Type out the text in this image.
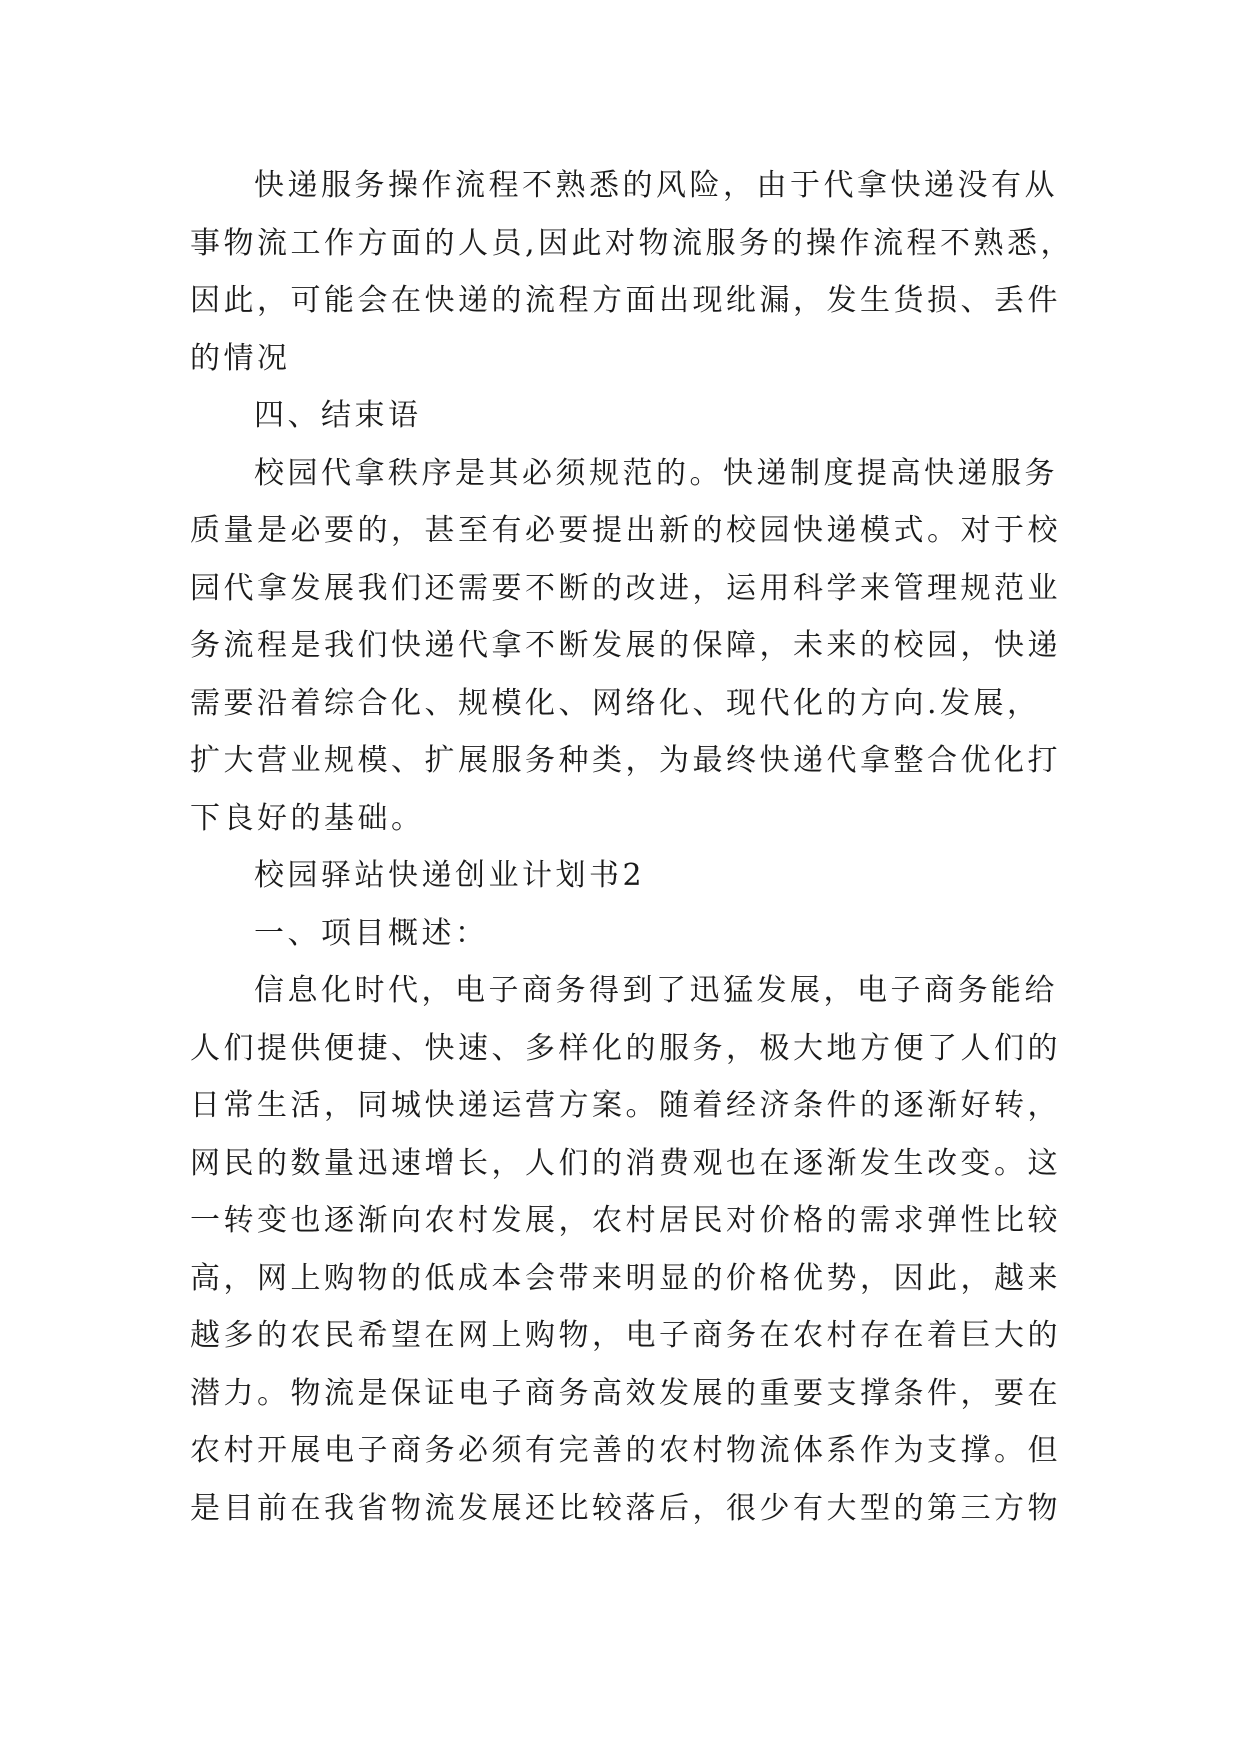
快递服务操作流程不熟悉的风险，由于代拿快递没有从
事物流工作方面的人员,因此对物流服务的操作流程不熟悉，
因此，可能会在快递的流程方面出现纰漏，发生货损、丢件
的情况
四、结束语
校园代拿秩序是其必须规范的。快递制度提高快递服务
质量是必要的，甚至有必要提出新的校园快递模式。对于校
园代拿发展我们还需要不断的改进，运用科学来管理规范业
务流程是我们快递代拿不断发展的保障，未来的校园，快递
需要沿着综合化、规模化、网络化、现代化的方向.发展，
扩大营业规模、扩展服务种类，为最终快递代拿整合优化打
下良好的基础。
校园驿站快递创业计划书2
一、项目概述：
信息化时代，电子商务得到了迅猛发展，电子商务能给
人们提供便捷、快速、多样化的服务，极大地方便了人们的
日常生活，同城快递运营方案。随着经济条件的逐渐好转，
网民的数量迅速增长，人们的消费观也在逐渐发生改变。这
一转变也逐渐向农村发展，农村居民对价格的需求弹性比较
高，网上购物的低成本会带来明显的价格优势，因此，越来
越多的农民希望在网上购物，电子商务在农村存在着巨大的
潜力。物流是保证电子商务高效发展的重要支撑条件，要在
农村开展电子商务必须有完善的农村物流体系作为支撑。但
是目前在我省物流发展还比较落后，很少有大型的第三方物
